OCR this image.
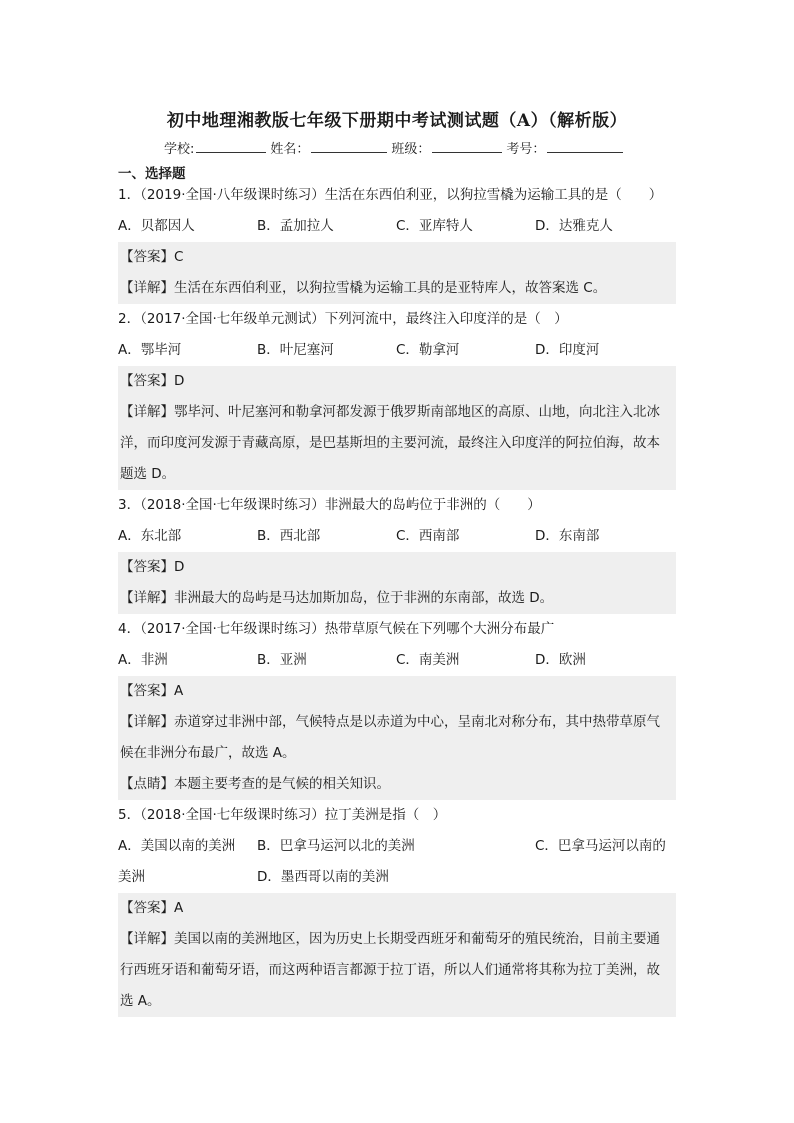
初中地理湘教版七年级下册期中考试测试题（A）（解析版）
学校:	姓名：	班级：	考号：
一、选择题
1．（2019·全国·八年级课时练习）生活在东西伯利亚，以狗拉雪橇为运输工具的是（　　）
A．贝都因人	B．孟加拉人	C．亚库特人	D．达雅克人
【答案】C
【详解】生活在东西伯利亚，以狗拉雪橇为运输工具的是亚特库人，故答案选 C。
2．（2017·全国·七年级单元测试）下列河流中，最终注入印度洋的是（　）
A．鄂毕河	B．叶尼塞河	C．勒拿河	D．印度河
【答案】D
【详解】鄂毕河、叶尼塞河和勒拿河都发源于俄罗斯南部地区的高原、山地，向北注入北冰
洋，而印度河发源于青藏高原，是巴基斯坦的主要河流，最终注入印度洋的阿拉伯海，故本
题选 D。
3．（2018·全国·七年级课时练习）非洲最大的岛屿位于非洲的（　　）
A．东北部	B．西北部	C．西南部	D．东南部
【答案】D
【详解】非洲最大的岛屿是马达加斯加岛，位于非洲的东南部，故选 D。
4．（2017·全国·七年级课时练习）热带草原气候在下列哪个大洲分布最广
A．非洲	B．亚洲	C．南美洲	D．欧洲
【答案】A
【详解】赤道穿过非洲中部，气候特点是以赤道为中心，呈南北对称分布，其中热带草原气
候在非洲分布最广，故选 A。
【点睛】本题主要考查的是气候的相关知识。
5．（2018·全国·七年级课时练习）拉丁美洲是指（　）
A．美国以南的美洲	B．巴拿马运河以北的美洲	C．巴拿马运河以南的
美洲	D．墨西哥以南的美洲
【答案】A
【详解】美国以南的美洲地区，因为历史上长期受西班牙和葡萄牙的殖民统治，目前主要通
行西班牙语和葡萄牙语，而这两种语言都源于拉丁语，所以人们通常将其称为拉丁美洲，故
选 A。
